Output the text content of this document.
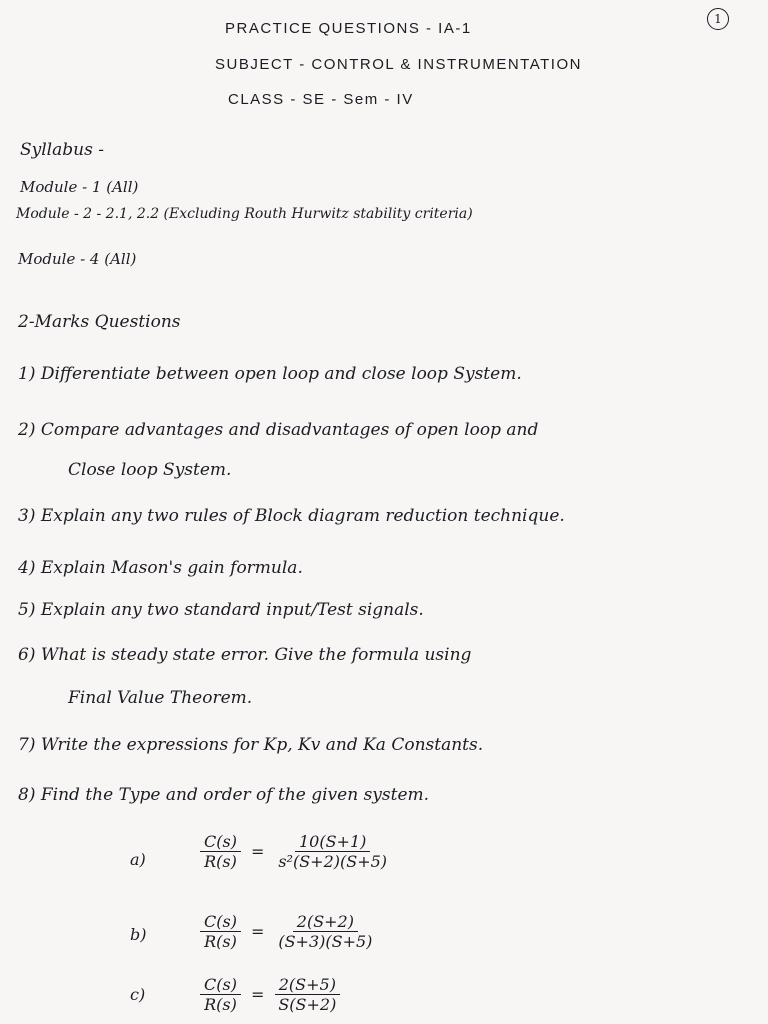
PRACTICE QUESTIONS - IA-1
1
SUBJECT - CONTROL & INSTRUMENTATION
CLASS - SE - Sem - IV
Syllabus -
Module - 1 (All)
Module - 2 - 2.1, 2.2 (Excluding Routh Hurwitz stability criteria)
Module - 4 (All)
2-Marks Questions
1) Differentiate between open loop and close loop System.
2) Compare advantages and disadvantages of open loop and
Close loop System.
3) Explain any two rules of Block diagram reduction technique.
4) Explain Mason's gain formula.
5) Explain any two standard input/Test signals.
6) What is steady state error. Give the formula using
Final Value Theorem.
7) Write the expressions for Kp, Kv and Ka Constants.
8) Find the Type and order of the given system.
a)	$\frac{C(s)}{R(s)} = \frac{10(S+1)}{\text{s²(S+2)(S+5)}}$
b)	$\frac{C(s)}{R(s)} = \frac{2(S+2)}{(S+3)(S+5)}$
c)	$\frac{C(s)}{R(s)} = \frac{2(S+5)}{S(S+2)}$
